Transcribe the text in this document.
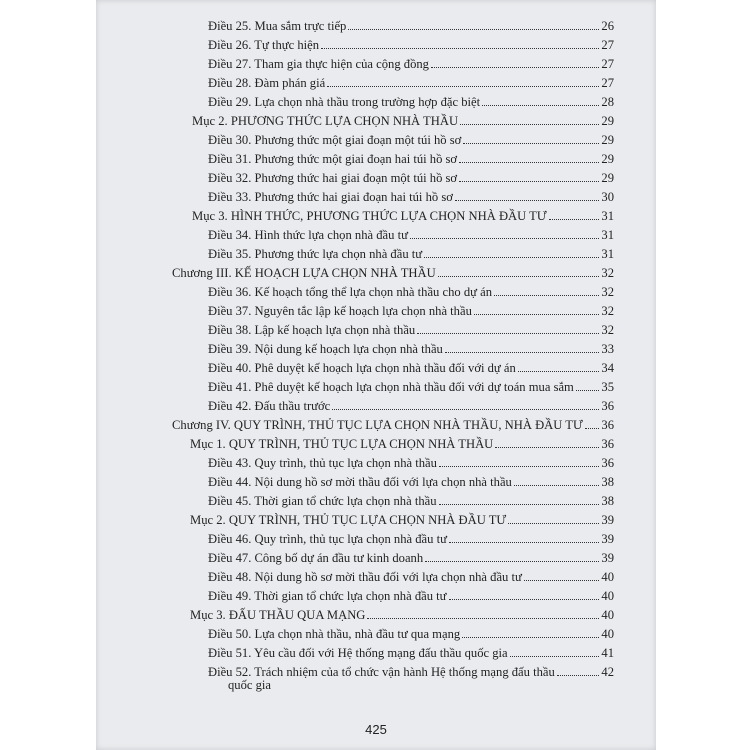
Điều 25. Mua sắm trực tiếp	26
Điều 26. Tự thực hiện	27
Điều 27. Tham gia thực hiện của cộng đồng	27
Điều 28. Đàm phán giá	27
Điều 29. Lựa chọn nhà thầu trong trường hợp đặc biệt	28
Mục 2. PHƯƠNG THỨC LỰA CHỌN NHÀ THẦU	29
Điều 30. Phương thức một giai đoạn một túi hồ sơ	29
Điều 31. Phương thức một giai đoạn hai túi hồ sơ	29
Điều 32. Phương thức hai giai đoạn một túi hồ sơ	29
Điều 33. Phương thức hai giai đoạn hai túi hồ sơ	30
Mục 3. HÌNH THỨC, PHƯƠNG THỨC LỰA CHỌN NHÀ ĐẦU TƯ	31
Điều 34. Hình thức lựa chọn nhà đầu tư	31
Điều 35. Phương thức lựa chọn nhà đầu tư	31
Chương III. KẾ HOẠCH LỰA CHỌN NHÀ THẦU	32
Điều 36. Kế hoạch tổng thể lựa chọn nhà thầu cho dự án	32
Điều 37. Nguyên tắc lập kế hoạch lựa chọn nhà thầu	32
Điều 38. Lập kế hoạch lựa chọn nhà thầu	32
Điều 39. Nội dung kế hoạch lựa chọn nhà thầu	33
Điều 40. Phê duyệt kế hoạch lựa chọn nhà thầu đối với dự án	34
Điều 41. Phê duyệt kế hoạch lựa chọn nhà thầu đối với dự toán mua sắm 35
Điều 42. Đấu thầu trước	36
Chương IV. QUY TRÌNH, THỦ TỤC LỰA CHỌN NHÀ THẦU, NHÀ ĐẦU TƯ 36
Mục 1. QUY TRÌNH, THỦ TỤC LỰA CHỌN NHÀ THẦU	36
Điều 43. Quy trình, thủ tục lựa chọn nhà thầu	36
Điều 44. Nội dung hồ sơ mời thầu đối với lựa chọn nhà thầu	38
Điều 45. Thời gian tổ chức lựa chọn nhà thầu	38
Mục 2. QUY TRÌNH, THỦ TỤC LỰA CHỌN NHÀ ĐẦU TƯ	39
Điều 46. Quy trình, thủ tục lựa chọn nhà đầu tư	39
Điều 47. Công bố dự án đầu tư kinh doanh	39
Điều 48. Nội dung hồ sơ mời thầu đối với lựa chọn nhà đầu tư	40
Điều 49. Thời gian tổ chức lựa chọn nhà đầu tư	40
Mục 3. ĐẤU THẦU QUA MẠNG	40
Điều 50. Lựa chọn nhà thầu, nhà đầu tư qua mạng	40
Điều 51. Yêu cầu đối với Hệ thống mạng đấu thầu quốc gia	41
Điều 52. Trách nhiệm của tổ chức vận hành Hệ thống mạng đấu thầu	42
quốc gia
425
